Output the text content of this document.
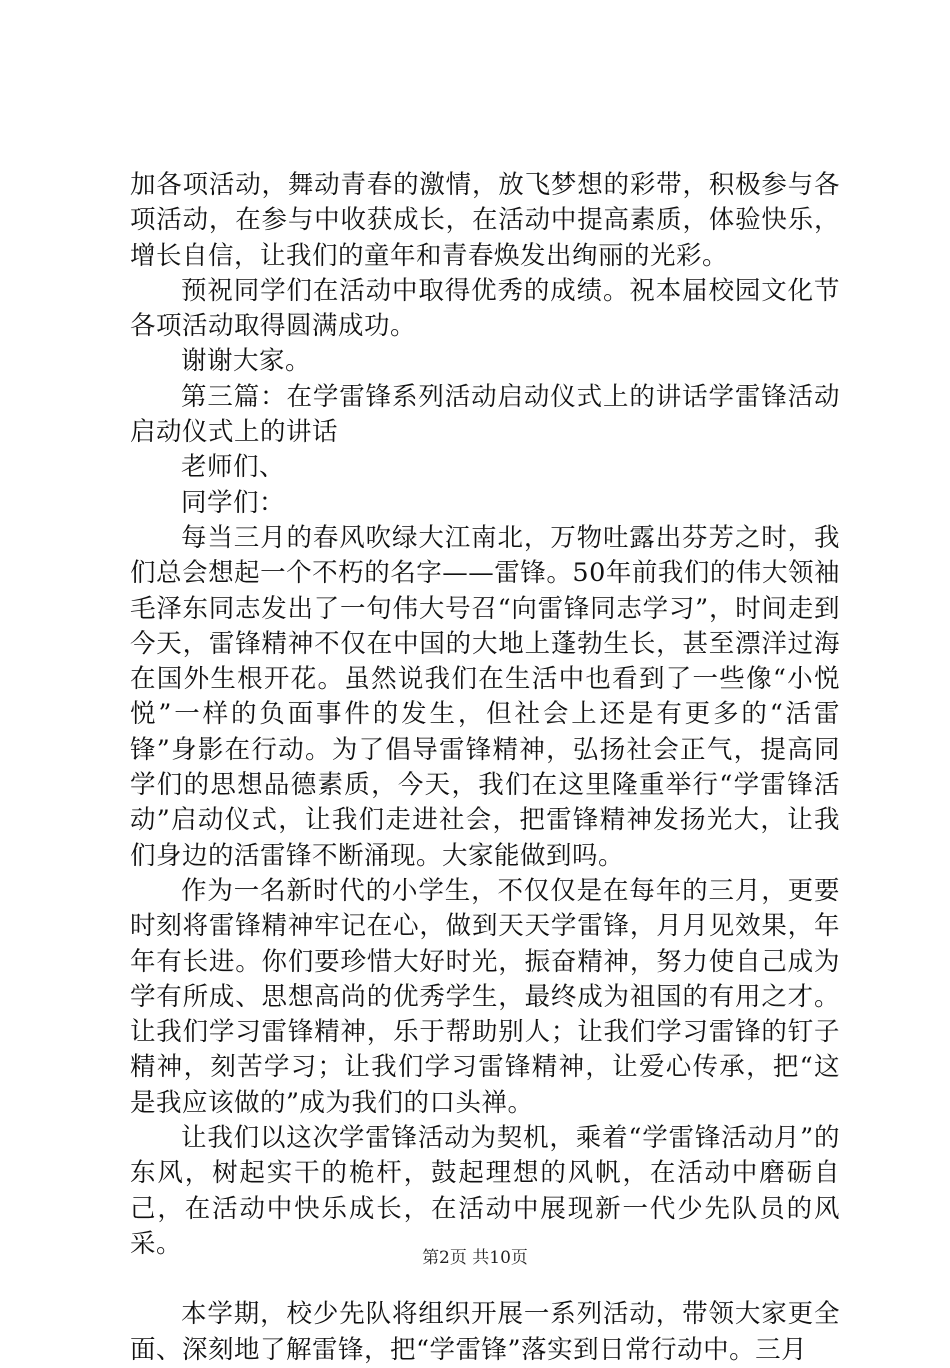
加各项活动，舞动青春的激情，放飞梦想的彩带，积极参与各项活动，在参与中收获成长，在活动中提高素质，体验快乐，增长自信，让我们的童年和青春焕发出绚丽的光彩。

预祝同学们在活动中取得优秀的成绩。祝本届校园文化节各项活动取得圆满成功。

谢谢大家。

第三篇：在学雷锋系列活动启动仪式上的讲话学雷锋活动启动仪式上的讲话

老师们、

同学们：

每当三月的春风吹绿大江南北，万物吐露出芬芳之时，我们总会想起一个不朽的名字——雷锋。50年前我们的伟大领袖毛泽东同志发出了一句伟大号召“向雷锋同志学习”，时间走到今天，雷锋精神不仅在中国的大地上蓬勃生长，甚至漂洋过海在国外生根开花。虽然说我们在生活中也看到了一些像“小悦悦”一样的负面事件的发生，但社会上还是有更多的“活雷锋”身影在行动。为了倡导雷锋精神，弘扬社会正气，提高同学们的思想品德素质，今天，我们在这里隆重举行“学雷锋活动”启动仪式，让我们走进社会，把雷锋精神发扬光大，让我们身边的活雷锋不断涌现。大家能做到吗。

作为一名新时代的小学生，不仅仅是在每年的三月，更要时刻将雷锋精神牢记在心，做到天天学雷锋，月月见效果，年年有长进。你们要珍惜大好时光，振奋精神，努力使自己成为学有所成、思想高尚的优秀学生，最终成为祖国的有用之才。让我们学习雷锋精神，乐于帮助别人；让我们学习雷锋的钉子精神，刻苦学习；让我们学习雷锋精神，让爱心传承，把“这是我应该做的”成为我们的口头禅。

让我们以这次学雷锋活动为契机，乘着“学雷锋活动月”的东风，树起实干的桅杆，鼓起理想的风帆，在活动中磨砺自己，在活动中快乐成长，在活动中展现新一代少先队员的风采。

本学期，校少先队将组织开展一系列活动，带领大家更全面、深刻地了解雷锋，把“学雷锋”落实到日常行动中。三月

第2页 共10页
